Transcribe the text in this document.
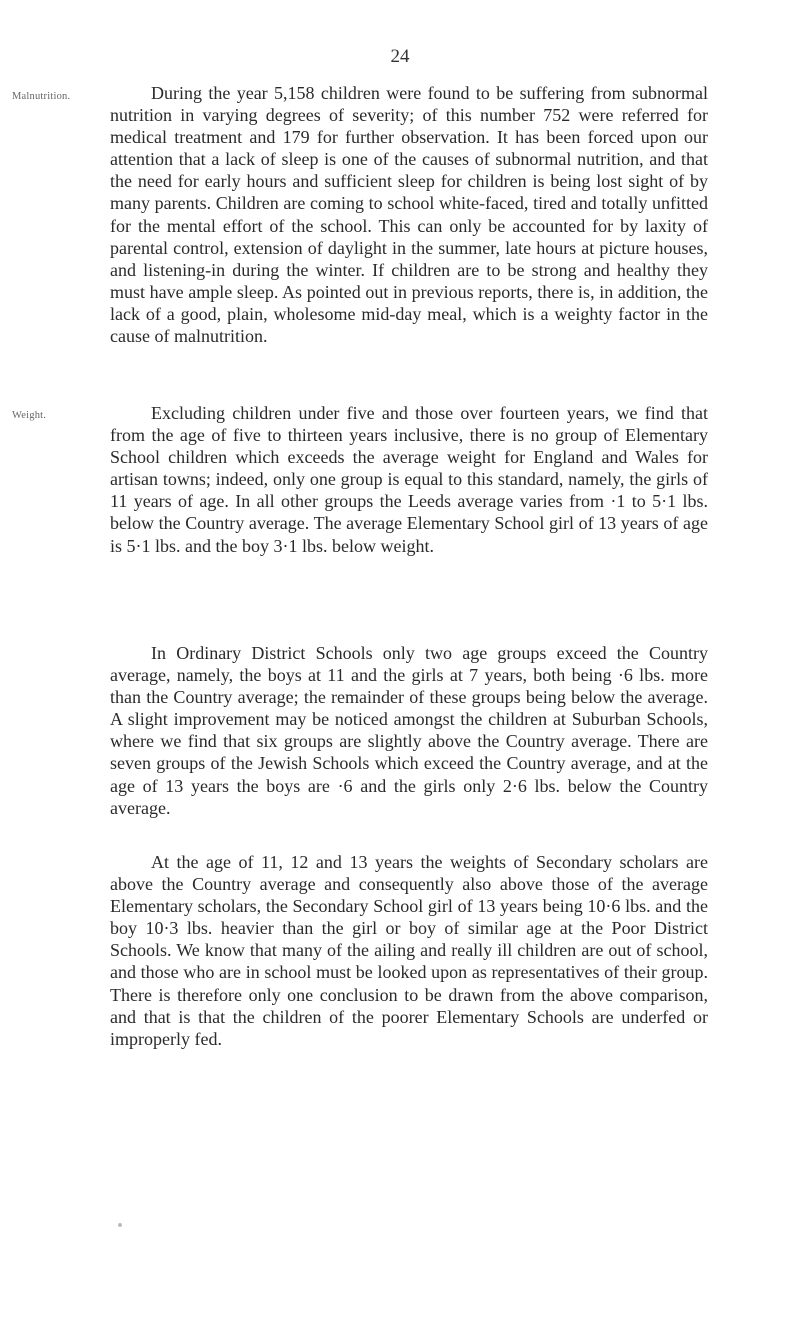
24
Malnutrition.
Weight.

During the year 5,158 children were found to be suffering from subnormal nutrition in varying degrees of severity; of this number 752 were referred for medical treatment and 179 for further observation. It has been forced upon our attention that a lack of sleep is one of the causes of subnormal nutrition, and that the need for early hours and sufficient sleep for children is being lost sight of by many parents. Children are coming to school white-faced, tired and totally unfitted for the mental effort of the school. This can only be accounted for by laxity of parental control, extension of daylight in the summer, late hours at picture houses, and listening-in during the winter. If children are to be strong and healthy they must have ample sleep. As pointed out in previous reports, there is, in addition, the lack of a good, plain, wholesome mid-day meal, which is a weighty factor in the cause of malnutrition.

Excluding children under five and those over fourteen years, we find that from the age of five to thirteen years inclusive, there is no group of Elementary School children which exceeds the average weight for England and Wales for artisan towns; indeed, only one group is equal to this standard, namely, the girls of 11 years of age. In all other groups the Leeds average varies from ·1 to 5·1 lbs. below the Country average. The average Elementary School girl of 13 years of age is 5·1 lbs. and the boy 3·1 lbs. below weight.

In Ordinary District Schools only two age groups exceed the Country average, namely, the boys at 11 and the girls at 7 years, both being ·6 lbs. more than the Country average; the remainder of these groups being below the average. A slight improvement may be noticed amongst the children at Suburban Schools, where we find that six groups are slightly above the Country average. There are seven groups of the Jewish Schools which exceed the Country average, and at the age of 13 years the boys are ·6 and the girls only 2·6 lbs. below the Country average.

At the age of 11, 12 and 13 years the weights of Secondary scholars are above the Country average and consequently also above those of the average Elementary scholars, the Secondary School girl of 13 years being 10·6 lbs. and the boy 10·3 lbs. heavier than the girl or boy of similar age at the Poor District Schools. We know that many of the ailing and really ill children are out of school, and those who are in school must be looked upon as representatives of their group. There is therefore only one conclusion to be drawn from the above comparison, and that is that the children of the poorer Elementary Schools are underfed or improperly fed.
